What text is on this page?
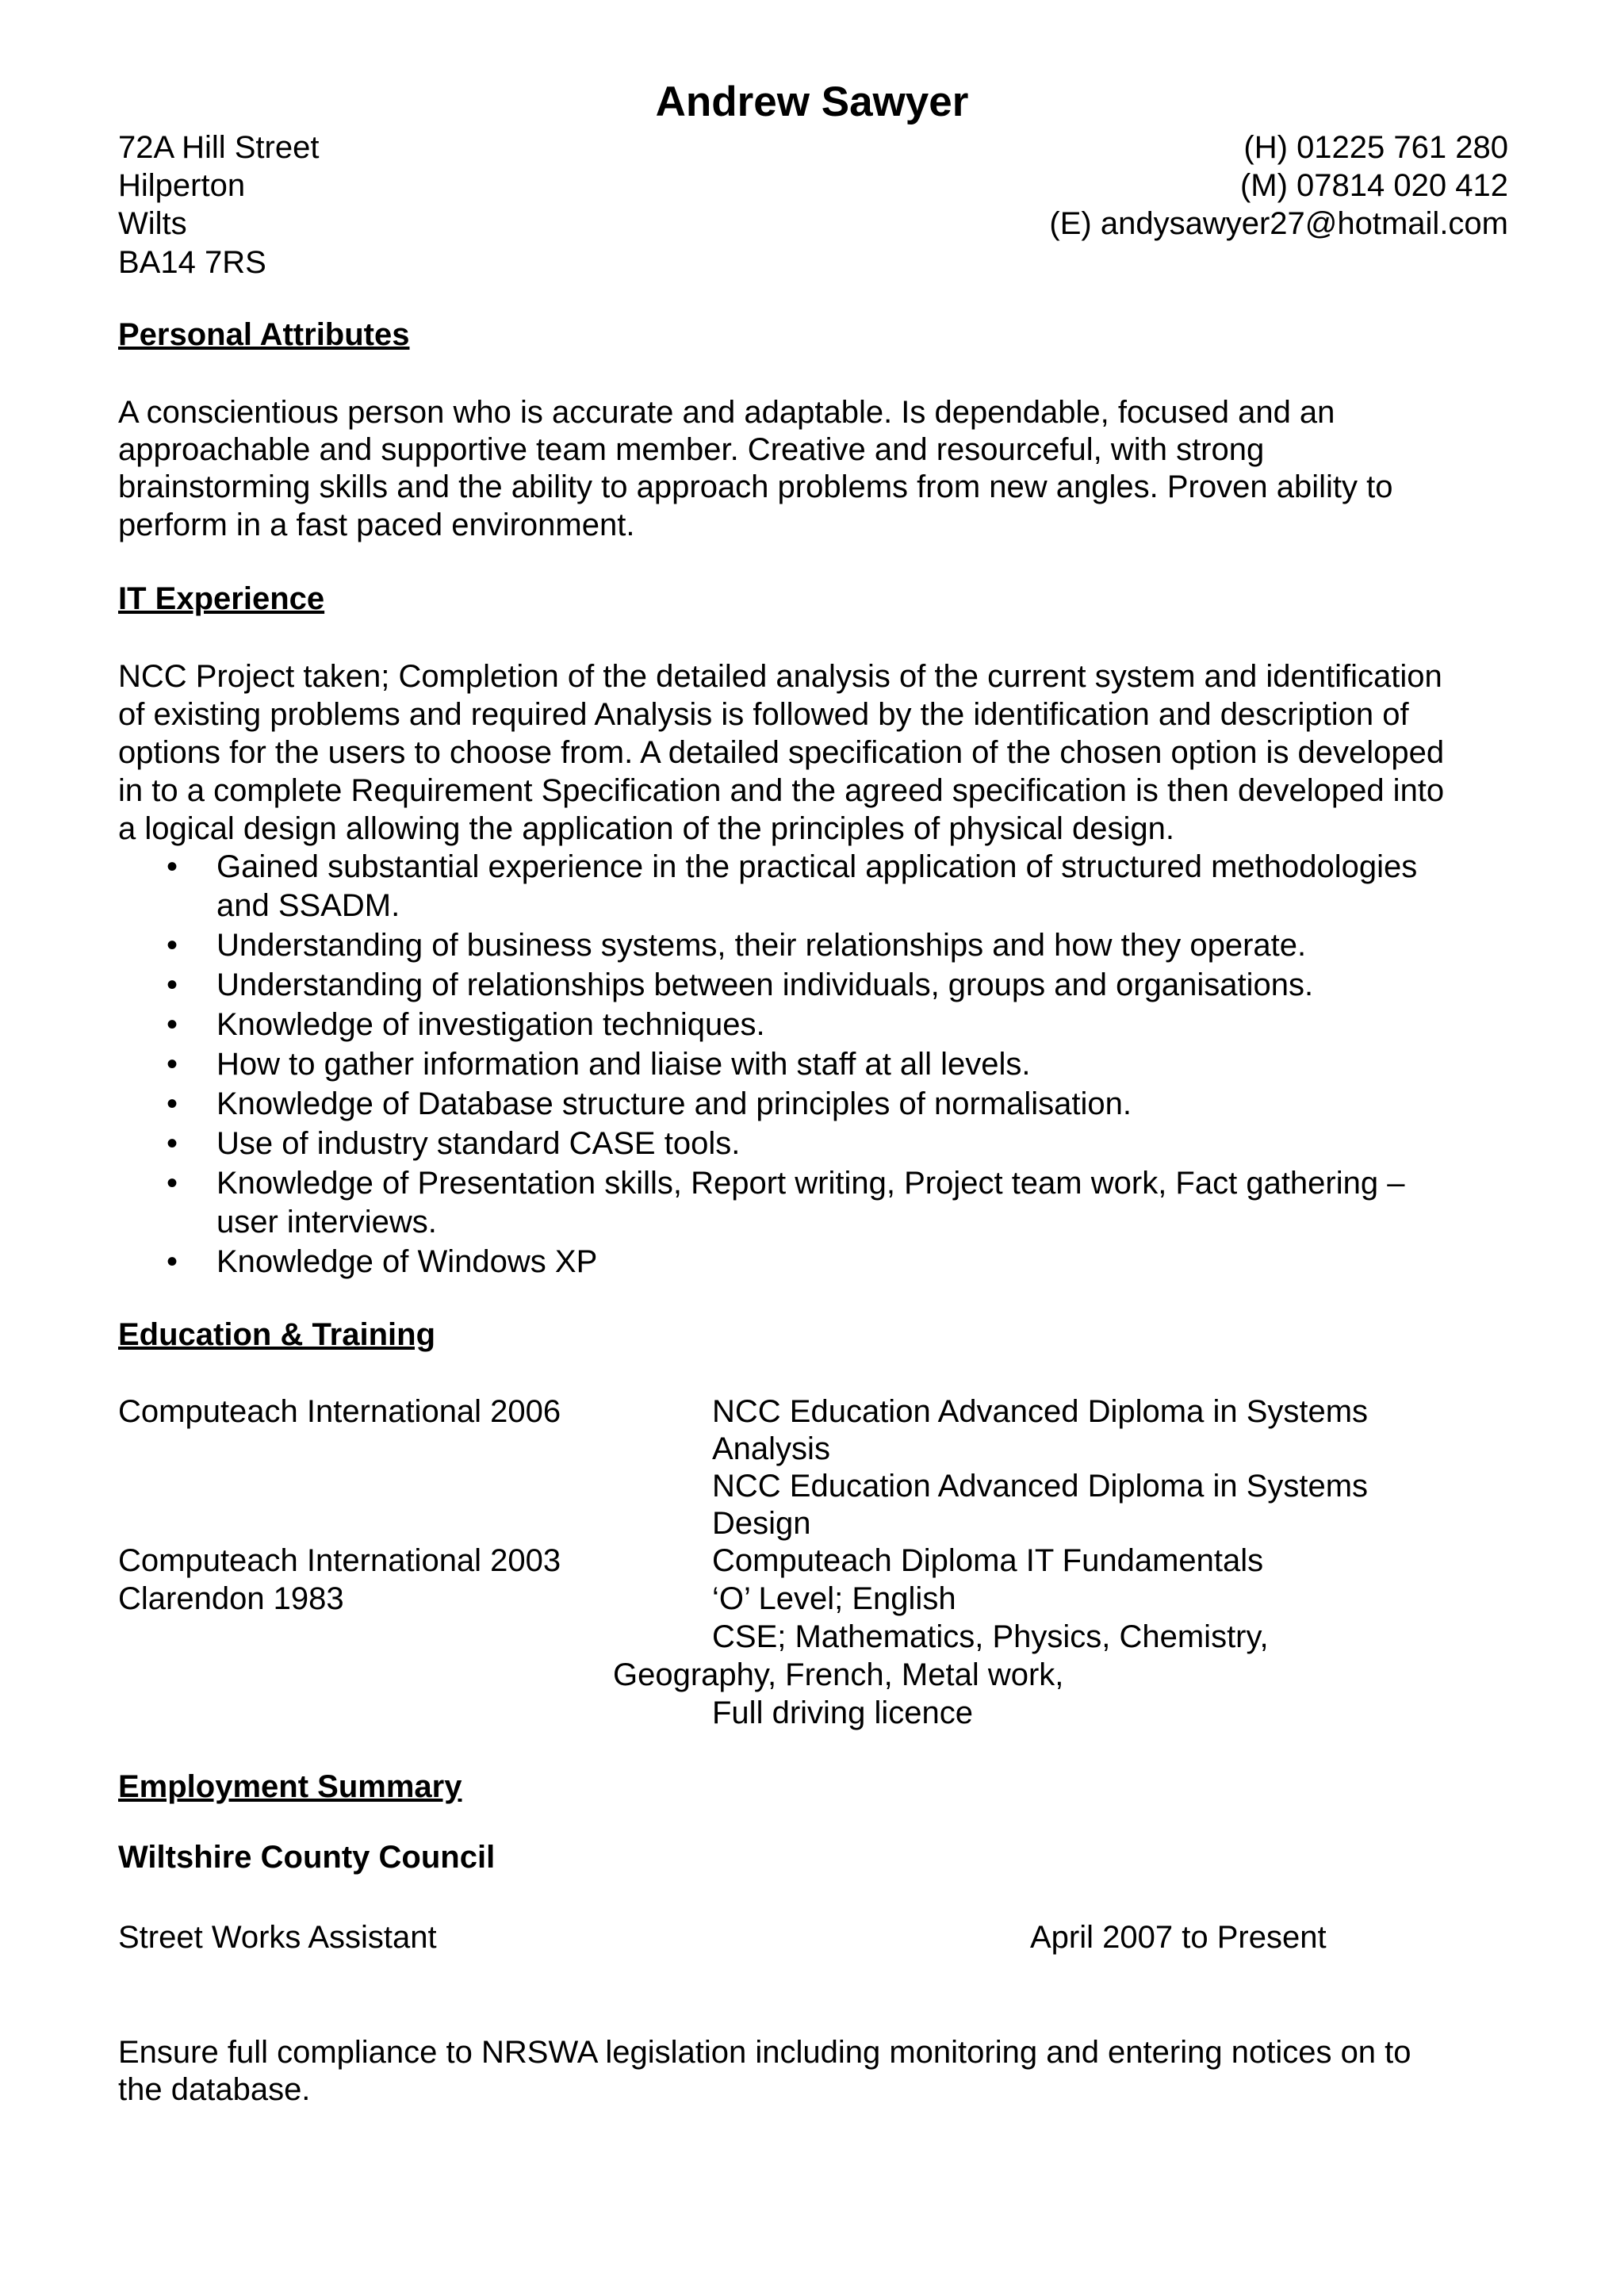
Andrew Sawyer
72A Hill Street
Hilperton
Wilts
BA14 7RS
(H) 01225 761 280
(M) 07814 020 412
(E) andysawyer27@hotmail.com
Personal Attributes
A conscientious person who is accurate and adaptable. Is dependable, focused and an
approachable and supportive team member. Creative and resourceful, with strong
brainstorming skills and the ability to approach problems from new angles. Proven ability to
perform in a fast paced environment.
IT Experience
NCC Project taken; Completion of the detailed analysis of the current system and identification
of existing problems and required Analysis is followed by the identification and description of
options for the users to choose from. A detailed specification of the chosen option is developed
in to a complete Requirement Specification and the agreed specification is then developed into
a logical design allowing the application of the principles of physical design.
• Gained substantial experience in the practical application of structured methodologies
and SSADM.
• Understanding of business systems, their relationships and how they operate.
• Understanding of relationships between individuals, groups and organisations.
• Knowledge of investigation techniques.
• How to gather information and liaise with staff at all levels.
• Knowledge of Database structure and principles of normalisation.
• Use of industry standard CASE tools.
• Knowledge of Presentation skills, Report writing, Project team work, Fact gathering –
user interviews.
• Knowledge of Windows XP
Education & Training
Computeach International 2006
Computeach International 2003
Clarendon 1983
NCC Education Advanced Diploma in Systems
Analysis
NCC Education Advanced Diploma in Systems
Design
Computeach Diploma IT Fundamentals
‘O’ Level; English
CSE; Mathematics, Physics, Chemistry,
Geography, French, Metal work,
Full driving licence
Employment Summary
Wiltshire County Council
Street Works Assistant	April 2007 to Present
Ensure full compliance to NRSWA legislation including monitoring and entering notices on to
the database.
